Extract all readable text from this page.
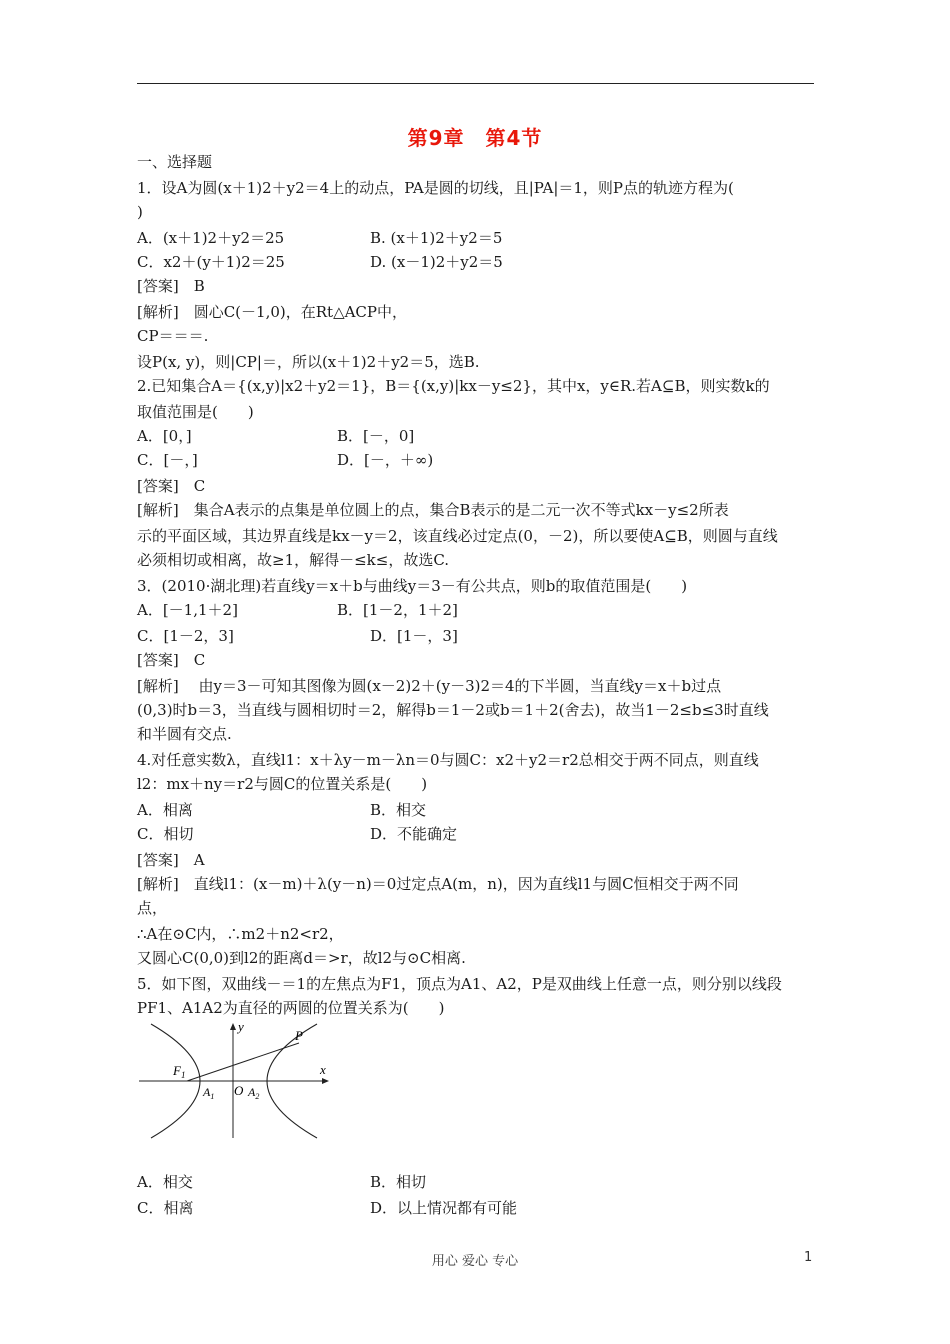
第9章　第4节
一、选择题
1．设A为圆(x＋1)2＋y2＝4上的动点，PA是圆的切线，且|PA|＝1，则P点的轨迹方程为(
)
A．(x＋1)2＋y2＝25	B. (x＋1)2＋y2＝5
C．x2＋(y＋1)2＝25	D. (x－1)2＋y2＝5
[答案]　B
[解析]　圆心C(－1,0)，在Rt△ACP中，
CP＝＝＝.
设P(x, y)，则|CP|＝，所以(x＋1)2＋y2＝5，选B.
2.已知集合A＝{(x,y)|x2＋y2＝1}，B＝{(x,y)|kx－y≤2}，其中x，y∈R.若A⊆B，则实数k的
取值范围是(　　)
A．[0，]	B．[－，0]
C．[－，]	D．[－，＋∞)
[答案]　C
[解析]　集合A表示的点集是单位圆上的点，集合B表示的是二元一次不等式kx－y≤2所表
示的平面区域，其边界直线是kx－y＝2，该直线必过定点(0，－2)，所以要使A⊆B，则圆与直线
必须相切或相离，故≥1，解得－≤k≤，故选C.
3．(2010·湖北理)若直线y＝x＋b与曲线y＝3－有公共点，则b的取值范围是(　　)
A．[－1,1＋2]	B．[1－2，1＋2]
C．[1－2，3]	D．[1－，3]
[答案]　C
[解析]　 由y＝3－可知其图像为圆(x－2)2＋(y－3)2＝4的下半圆，当直线y＝x＋b过点
(0,3)时b＝3，当直线与圆相切时＝2，解得b＝1－2或b＝1＋2(舍去)，故当1－2≤b≤3时直线
和半圆有交点.
4.对任意实数λ，直线l1：x＋λy－m－λn＝0与圆C：x2＋y2＝r2总相交于两不同点，则直线
l2：mx＋ny＝r2与圆C的位置关系是(　　)
A．相离	B．相交
C．相切	D．不能确定
[答案]　A
[解析]　直线l1：(x－m)＋λ(y－n)＝0过定点A(m，n)，因为直线l1与圆C恒相交于两不同
点，
∴A在⊙C内，∴m2＋n2<r2，
又圆心C(0,0)到l2的距离d＝>r，故l2与⊙C相离.
5．如下图，双曲线－＝1的左焦点为F1，顶点为A1、A2，P是双曲线上任意一点，则分别以线段
PF1、A1A2为直径的两圆的位置关系为(　　)
y
x
P
$F_1$
$A_1$ O $A_2$
A．相交	B．相切
C．相离	D．以上情况都有可能
用心 爱心 专心	1
